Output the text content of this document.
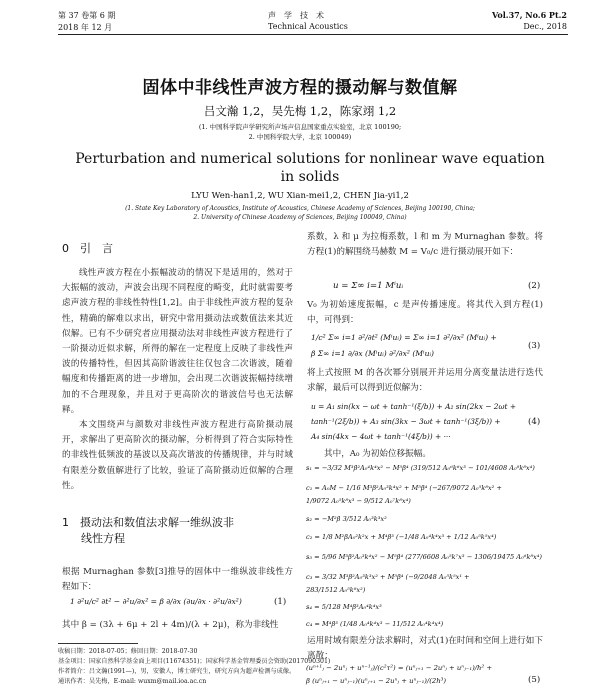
第 37 卷第 6 期
2018 年 12 月
声　学　技　术
Technical Acoustics
Vol.37, No.6 Pt.2
Dec., 2018
固体中非线性声波方程的摄动解与数值解
吕文瀚 1,2，吴先梅 1,2，陈家翊 1,2
(1. 中国科学院声学研究所声场声信息国家重点实验室，北京 100190;
2. 中国科学院大学，北京 100049)
Perturbation and numerical solutions for nonlinear wave equation
in solids
LYU Wen-han1,2, WU Xian-mei1,2, CHEN Jia-yi1,2
(1. State Key Laboratory of Acoustics, Institute of Acoustics, Chinese Academy of Sciences, Beijing 100190, China;
2. University of Chinese Academy of Sciences, Beijing 100049, China)
0　引　言

线性声波方程在小振幅波动的情况下是适用的，然对于大振幅的波动，声波会出现不同程度的畸变，此时就需要考虑声波方程的非线性特性[1,2]。由于非线性声波方程的复杂性，精确的解难以求出，研究中常用摄动法或数值法来其近似解。已有不少研究者应用摄动法对非线性声波方程进行了一阶摄动近似求解，所得的解在一定程度上反映了非线性声波的传播特性，但因其高阶谐波往往仅包含二次谐波，随着幅度和传播距离的进一步增加，会出现二次谐波振幅持续增加的不合理现象，并且对于更高阶次的谐波信号也无法解释。

本文围绕声与颜数对非线性声波方程进行高阶摄动展开，求解出了更高阶次的摄动解，分析得到了符合实际特性的非线性低频波的基波以及高次谐波的传播规律，并与时域有限差分数值解进行了比较，验证了高阶摄动近似解的合理性。

1　摄动法和数值法求解一维纵波非
线性方程
根据 Murnaghan 参数[3]推导的固体中一维纵波非线性方程如下：
1 ∂²u/c² ∂t² − ∂²u/∂x² = β ∂/∂x (∂u/∂x · ∂²u/∂x²)	(1)
其中 β = (3λ + 6μ + 2l + 4m)/(λ + 2μ)，称为非线性
收稿日期：2018-07-05；修回日期：2018-07-30
基金项目：国家自然科学基金面上项目(11674351)；国家科学基金管理委员会资助(2017090301)
作者简介：吕文瀚(1991—)，男，安徽人，博士研究生，研究方向为超声检测与成像。
通讯作者：吴先梅，E-mail: wuxm@mail.ioa.ac.cn
系数，λ 和 μ 为拉梅系数，l 和 m 为 Murnaghan 参数。将方程(1)的解围绕马赫数 M = V₀/c 进行摄动展开如下：
u = Σ∞ i=1 Mⁱuᵢ	(2)
V₀ 为初始速度振幅，c 是声传播速度。将其代入到方程(1)中，可得到：
1/c² Σ∞ i=1 ∂²/∂t² (Mⁱuᵢ) = Σ∞ i=1 ∂²/∂x² (Mⁱuᵢ) +
β Σ∞ i=1 ∂/∂x (Mⁱuᵢ) ∂²/∂x² (Mⁱuᵢ)
(3)
将上式按照 M 的各次幂分别展开并运用分离变量法进行迭代求解，最后可以得到近似解为：
u = A₁ sin(kx − ωt + tanh⁻¹(ξ/b)) + A₂ sin(2kx − 2ωt +
tanh⁻¹(2ξ/b)) + A₃ sin(3kx − 3ωt + tanh⁻¹(3ξ/b)) +
A₄ sin(4kx − 4ωt + tanh⁻¹(4ξ/b)) + ···
(4)
其中，A₀ 为初始位移振幅。
s₁ = −3/32 M³β²A₀⁴k⁴x² − M⁵β⁴ (319/512 A₀⁶k⁶x³ − 101/4608 A₀⁸k⁸x⁴)
c₁ = A₀M − 1/16 M³β²A₀³k⁴x² + M⁵β⁴ (−267/9072 A₀⁵k⁸x² +
1/9072 A₀⁵k⁸x³ − 9/512 A₀⁷k⁸x⁴)
s₂ = −M²β 3/512 A₀³k³x²
c₂ = 1/8 M²βA₀²k²x + M⁴β³ (−1/48 A₀⁴k⁴x³ + 1/12 A₀⁵k⁵x⁴)
s₃ = 5/96 M³β²A₀³k⁴x² − M⁵β⁴ (277/6608 A₀⁵k⁷x³ − 1306/19475 A₀⁶k⁸x⁴)
c₃ = 3/32 M³β²A₀³k³x² + M⁵β⁴ (−9/2048 A₀⁵k⁵x¹ +
283/1512 A₀⁵k⁸x²)
s₄ = 5/128 M⁴β³A₀⁴k⁴x³
c₄ = M⁴β³ (1/48 A₀⁴k⁴x³ − 11/512 A₀⁴k⁴x⁴)
运用时域有限差分法求解时，对式(1)在时间和空间上进行如下离散：
(uⁿ⁺¹ⱼ − 2uⁿⱼ + uⁿ⁻¹ⱼ)/(c²τ²) = (uⁿⱼ₊₁ − 2uⁿⱼ + uⁿⱼ₋₁)/h² +
β (uⁿⱼ₊₁ − uⁿⱼ₋₁)(uⁿⱼ₊₁ − 2uⁿⱼ + uⁿⱼ₋₁)/(2h³)	(5)
